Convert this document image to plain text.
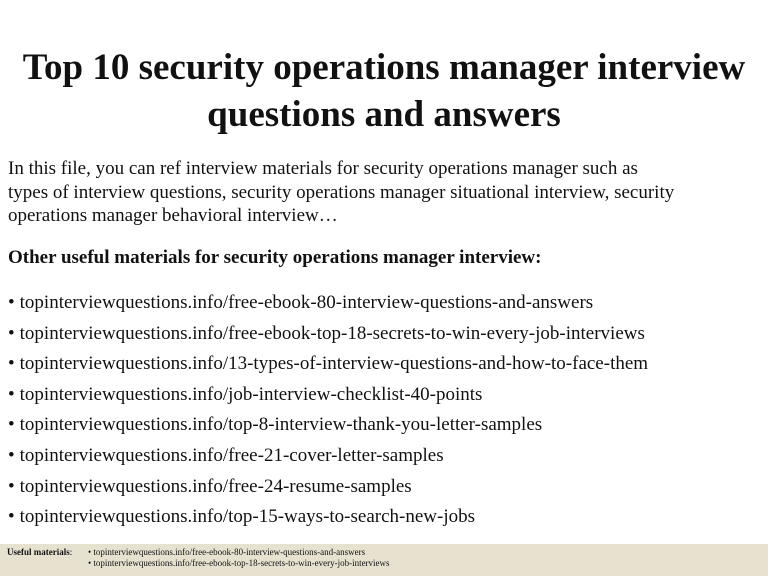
Top 10 security operations manager interview
questions and answers
In this file, you can ref interview materials for security operations manager such as
types of interview questions, security operations manager situational interview, security
operations manager behavioral interview…
Other useful materials for security operations manager interview:
• topinterviewquestions.info/free-ebook-80-interview-questions-and-answers
• topinterviewquestions.info/free-ebook-top-18-secrets-to-win-every-job-interviews
• topinterviewquestions.info/13-types-of-interview-questions-and-how-to-face-them
• topinterviewquestions.info/job-interview-checklist-40-points
• topinterviewquestions.info/top-8-interview-thank-you-letter-samples
• topinterviewquestions.info/free-21-cover-letter-samples
• topinterviewquestions.info/free-24-resume-samples
• topinterviewquestions.info/top-15-ways-to-search-new-jobs
Useful materials: • topinterviewquestions.info/free-ebook-80-interview-questions-and-answers
• topinterviewquestions.info/free-ebook-top-18-secrets-to-win-every-job-interviews
